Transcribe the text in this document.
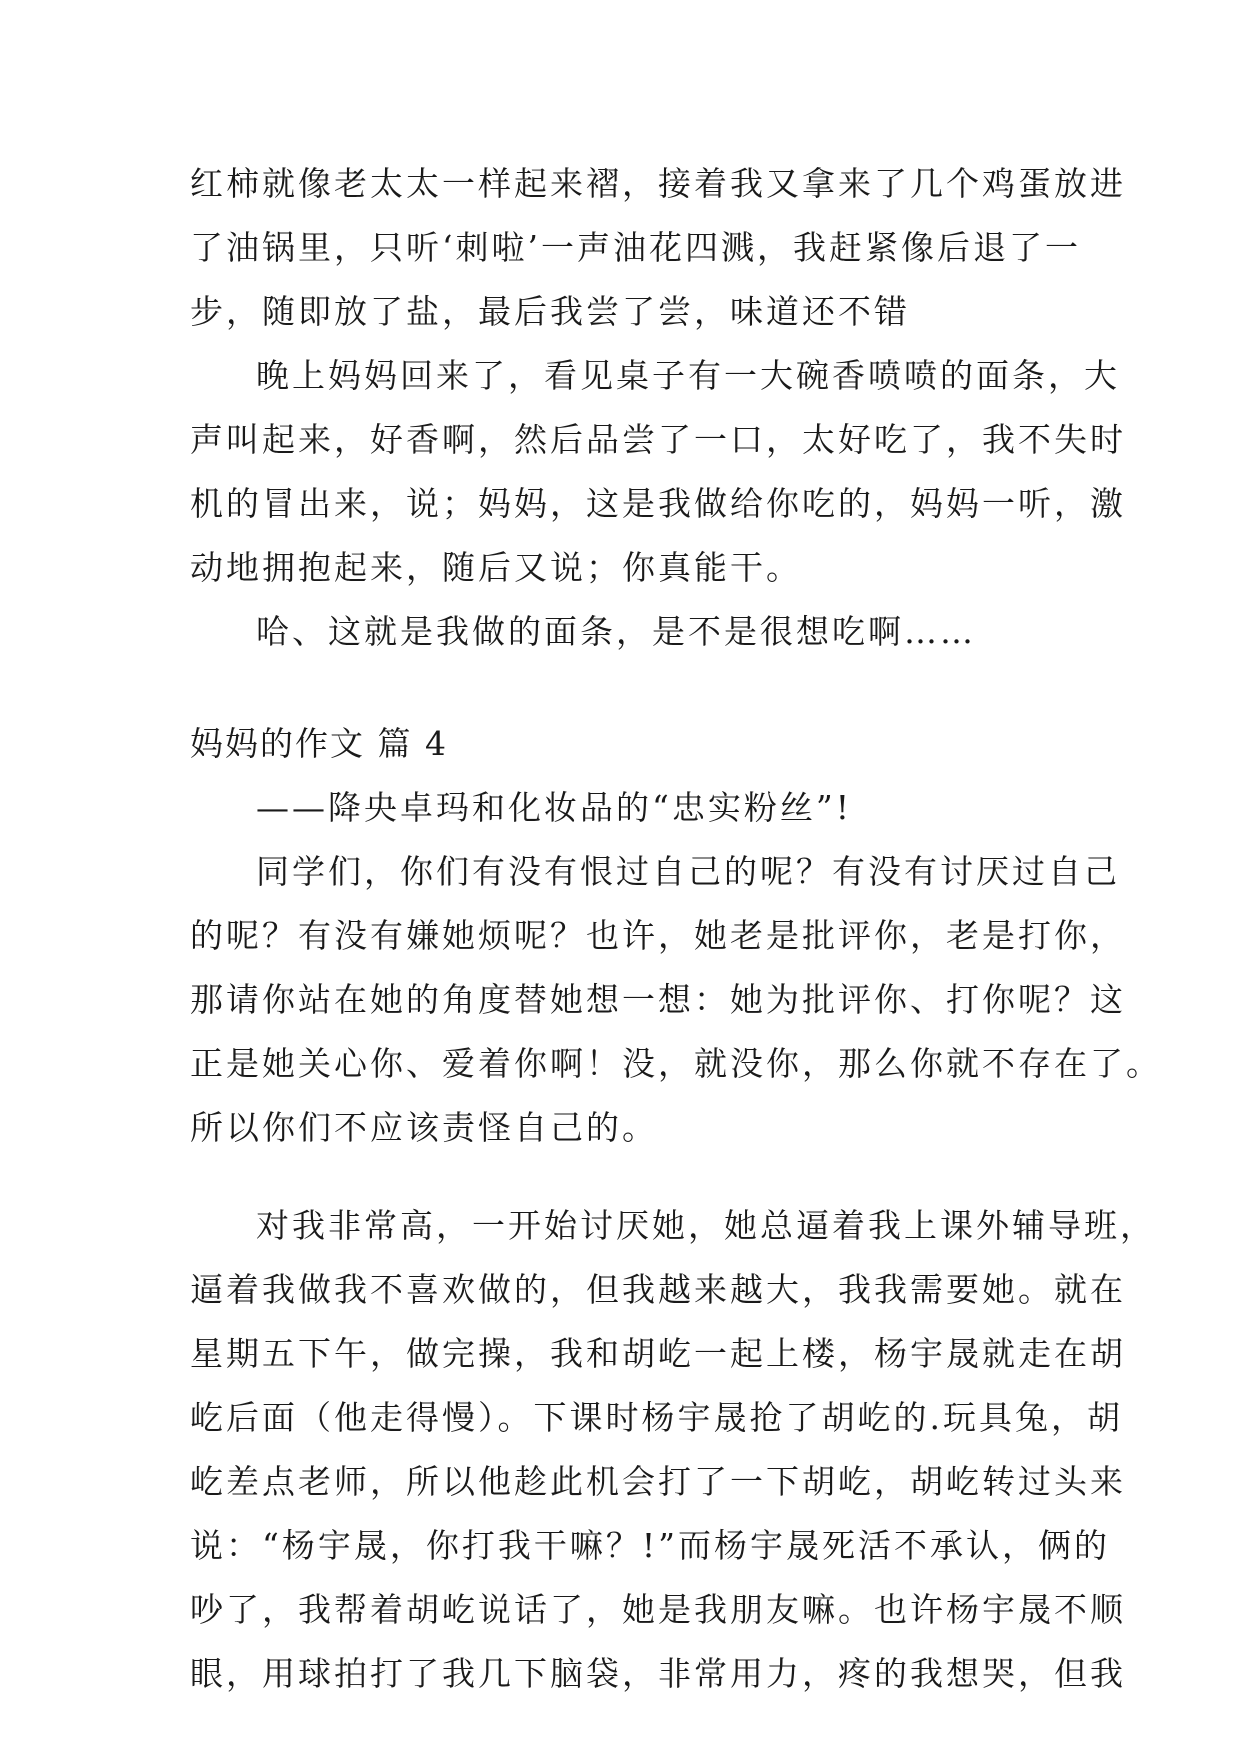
红柿就像老太太一样起来褶，接着我又拿来了几个鸡蛋放进

了油锅里，只听‘刺啦’一声油花四溅，我赶紧像后退了一

步，随即放了盐，最后我尝了尝，味道还不错

晚上妈妈回来了，看见桌子有一大碗香喷喷的面条，大

声叫起来，好香啊，然后品尝了一口，太好吃了，我不失时

机的冒出来，说；妈妈，这是我做给你吃的，妈妈一听，激

动地拥抱起来，随后又说；你真能干。

哈、这就是我做的面条，是不是很想吃啊……

妈妈的作文 篇 4

——降央卓玛和化妆品的“忠实粉丝”!

同学们，你们有没有恨过自己的呢？有没有讨厌过自己

的呢？有没有嫌她烦呢？也许，她老是批评你，老是打你，

那请你站在她的角度替她想一想：她为批评你、打你呢？这

正是她关心你、爱着你啊！没，就没你，那么你就不存在了。

所以你们不应该责怪自己的。

对我非常高，一开始讨厌她，她总逼着我上课外辅导班，

逼着我做我不喜欢做的，但我越来越大，我我需要她。就在

星期五下午，做完操，我和胡屹一起上楼，杨宇晟就走在胡

屹后面（他走得慢）。下课时杨宇晟抢了胡屹的.玩具兔，胡

屹差点老师，所以他趁此机会打了一下胡屹，胡屹转过头来

说：“杨宇晟，你打我干嘛？!”而杨宇晟死活不承认，俩的

吵了，我帮着胡屹说话了，她是我朋友嘛。也许杨宇晟不顺

眼，用球拍打了我几下脑袋，非常用力，疼的我想哭，但我
